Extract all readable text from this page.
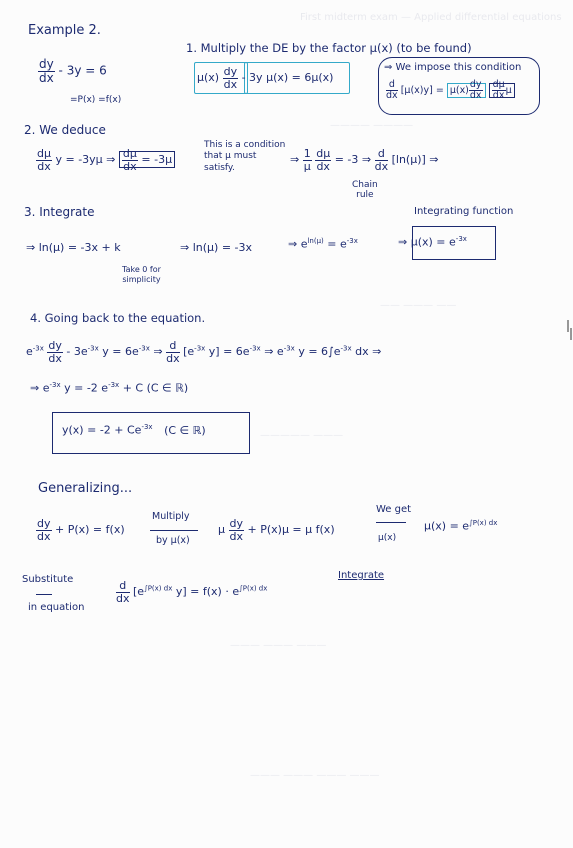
First midterm exam — Applied differential equations
———— ————
—— ——— ——
————— ———
——— ——— ———
——— ——— ——— ———
Example 2.
$\frac{dy}{dx} - 3y = 6$
=P(x) =f(x)
1. Multiply the DE by the factor μ(x) (to be found)
$\mu(x) \frac{dy}{dx} - 3y$ μ(x) = 6μ(x)
⇒ We impose this condition
$\frac{d}{dx} [\mu(x)y] = \mu(x) \frac{dy}{dx}$
$\frac{d\mu}{dx}$ μ
2. We deduce
$\frac{d\mu}{dx}$ y = -3yμ ⇒ $\frac{d\mu}{dx} = -3\mu$
This is a condition
that μ must
satisfy.
⇒ $\frac{1}{\mu}$
$\frac{d\mu}{dx} = -3$ ⇒ $\frac{d}{dx} [\ln(\mu)]$ ⇒
Chain
rule
3. Integrate
⇒ ln(μ) = -3x + k
Take 0 for
simplicity
⇒ ln(μ) = -3x	⇒ $e^{ln(\mu)} = e^{-3x}$
Integrating function
⇒ $\mu(x) = e^{-3x}$
4. Going back to the equation.
$e^{-3x} \frac{dy}{dx} - 3e^{-3x}$ $y = 6e^{-3x}$ ⇒ $\frac{d}{dx} [e^{-3x}$ $y] = 6e^{-3x}$ ⇒ $e^{-3x}$ $y = 6\int e^{-3x}$ dx ⇒
⇒ $e^{-3x}$ y = -2 $e^{-3x} + C$ (C ∈ ℝ)
$y(x) = -2 + Ce^{-3x}$ (C ∈ ℝ)
Generalizing...
$\frac{dy}{dx} + P(x) = f(x)$
Multiply
by μ(x)
μ $\frac{dy}{dx} + P(x)\mu = \mu$ f(x)
We get
μ(x)
$\mu(x) = e^{\int P(x) dx}$
Substitute
in equation
$\frac{d}{dx} [e^{\int P(x) dx}$ $y] = f(x) \cdot e^{\int P(x) dx}$
Integrate
